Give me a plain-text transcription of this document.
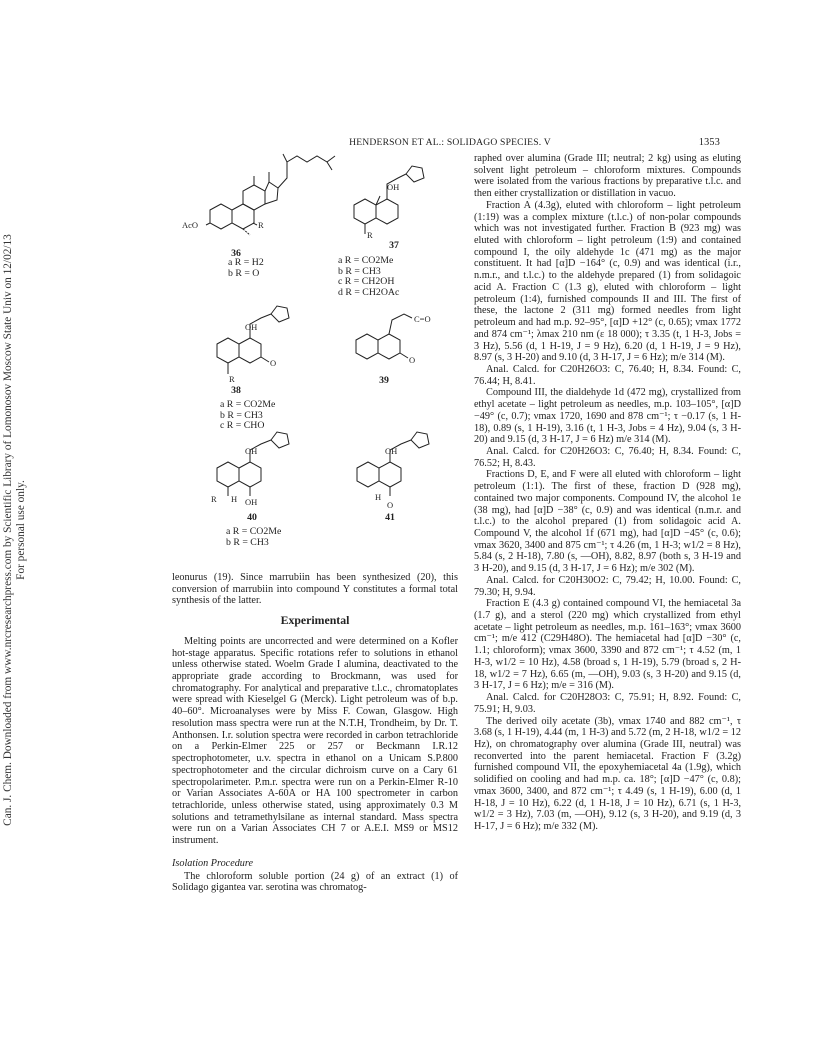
Can. J. Chem. Downloaded from www.nrcresearchpress.com by Scientific Library of Lomonosov Moscow State Univ on 12/02/13 For personal use only.
HENDERSON ET AL.: SOLIDAGO SPECIES. V	1353
AcO	R
36
a R = H2
b R = O
OH
R
37
a R = CO2Me
b R = CH3
c R = CH2OH
d R = CH2OAc
OH
O
R
38
a R = CO2Me
b R = CH3
c R = CHO
C=O
O
39
OH
R H OH
40
a R = CO2Me
b R = CH3
OH
H
O
41

leonurus (19). Since marrubiin has been synthesized (20), this conversion of marrubiin into compound Y constitutes a formal total synthesis of the latter.

Experimental

Melting points are uncorrected and were determined on a Kofler hot-stage apparatus. Specific rotations refer to solutions in ethanol unless otherwise stated. Woelm Grade I alumina, deactivated to the appropriate grade according to Brockmann, was used for chromatography. For analytical and preparative t.l.c., chromatoplates were spread with Kieselgel G (Merck). Light petroleum was of b.p. 40–60°. Microanalyses were by Miss F. Cowan, Glasgow. High resolution mass spectra were run at the N.T.H, Trondheim, by Dr. T. Anthonsen. I.r. solution spectra were recorded in carbon tetrachloride on a Perkin-Elmer 225 or 257 or Beckmann I.R.12 spectrophotometer, u.v. spectra in ethanol on a Unicam S.P.800 spectrophotometer and the circular dichroism curve on a Cary 61 spectropolarimeter. P.m.r. spectra were run on a Perkin-Elmer R-10 or Varian Associates A-60A or HA 100 spectrometer in carbon tetrachloride, unless otherwise stated, using approximately 0.3 M solutions and tetramethylsilane as internal standard. Mass spectra were run on a Varian Associates CH 7 or A.E.I. MS9 or MS12 instrument.

Isolation Procedure

The chloroform soluble portion (24 g) of an extract (1) of Solidago gigantea var. serotina was chromatog-

raphed over alumina (Grade III; neutral; 2 kg) using as eluting solvent light petroleum – chloroform mixtures. Compounds were isolated from the various fractions by preparative t.l.c. and then either crystallization or distillation in vacuo.

Fraction A (4.3g), eluted with chloroform – light petroleum (1:19) was a complex mixture (t.l.c.) of non-polar compounds which was not investigated further. Fraction B (923 mg) was eluted with chloroform – light petroleum (1:9) and contained compound I, the oily aldehyde 1c (471 mg) as the major constituent. It had [α]D −164° (c, 0.9) and was identical (i.r., n.m.r., and t.l.c.) to the aldehyde prepared (1) from solidagoic acid A. Fraction C (1.3 g), eluted with chloroform – light petroleum (1:4), furnished compounds II and III. The first of these, the lactone 2 (311 mg) formed needles from light petroleum and had m.p. 92–95°, [α]D +12° (c, 0.65); νmax 1772 and 874 cm⁻¹; λmax 210 nm (ε 18 000); τ 3.35 (t, 1 H-3, Jobs = 3 Hz), 5.56 (d, 1 H-19, J = 9 Hz), 6.20 (d, 1 H-19, J = 9 Hz), 8.97 (s, 3 H-20) and 9.10 (d, 3 H-17, J = 6 Hz); m/e 314 (M).

Anal. Calcd. for C20H26O3: C, 76.40; H, 8.34. Found: C, 76.44; H, 8.41.

Compound III, the dialdehyde 1d (472 mg), crystallized from ethyl acetate – light petroleum as needles, m.p. 103–105°, [α]D −49° (c, 0.7); νmax 1720, 1690 and 878 cm⁻¹; τ −0.17 (s, 1 H-18), 0.89 (s, 1 H-19), 3.16 (t, 1 H-3, Jobs = 4 Hz), 9.04 (s, 3 H-20) and 9.15 (d, 3 H-17, J = 6 Hz) m/e 314 (M).

Anal. Calcd. for C20H26O3: C, 76.40; H, 8.34. Found: C, 76.52; H, 8.43.

Fractions D, E, and F were all eluted with chloroform – light petroleum (1:1). The first of these, fraction D (928 mg), contained two major components. Compound IV, the alcohol 1e (38 mg), had [α]D −38° (c, 0.9) and was identical (n.m.r. and t.l.c.) to the alcohol prepared (1) from solidagoic acid A. Compound V, the alcohol 1f (671 mg), had [α]D −45° (c, 0.6); νmax 3620, 3400 and 875 cm⁻¹; τ 4.26 (m, 1 H-3; w1/2 = 8 Hz), 5.84 (s, 2 H-18), 7.80 (s, —OH), 8.82, 8.97 (both s, 3 H-19 and 3 H-20), and 9.15 (d, 3 H-17, J = 6 Hz); m/e 302 (M).

Anal. Calcd. for C20H30O2: C, 79.42; H, 10.00. Found: C, 79.30; H, 9.94.

Fraction E (4.3 g) contained compound VI, the hemiacetal 3a (1.7 g), and a sterol (220 mg) which crystallized from ethyl acetate – light petroleum as needles, m.p. 161–163°; νmax 3600 cm⁻¹; m/e 412 (C29H48O). The hemiacetal had [α]D −30° (c, 1.1; chloroform); νmax 3600, 3390 and 872 cm⁻¹; τ 4.52 (m, 1 H-3, w1/2 = 10 Hz), 4.58 (broad s, 1 H-19), 5.79 (broad s, 2 H-18, w1/2 = 7 Hz), 6.65 (m, —OH), 9.03 (s, 3 H-20) and 9.15 (d, 3 H-17, J = 6 Hz); m/e = 316 (M).

Anal. Calcd. for C20H28O3: C, 75.91; H, 8.92. Found: C, 75.91; H, 9.03.

The derived oily acetate (3b), νmax 1740 and 882 cm⁻¹, τ 3.68 (s, 1 H-19), 4.44 (m, 1 H-3) and 5.72 (m, 2 H-18, w1/2 = 12 Hz), on chromatography over alumina (Grade III, neutral) was reconverted into the parent hemiacetal. Fraction F (3.2g) furnished compound VII, the epoxyhemiacetal 4a (1.9g), which solidified on cooling and had m.p. ca. 18°; [α]D −47° (c, 0.8); νmax 3600, 3400, and 872 cm⁻¹; τ 4.49 (s, 1 H-19), 6.00 (d, 1 H-18, J = 10 Hz), 6.22 (d, 1 H-18, J = 10 Hz), 6.71 (s, 1 H-3, w1/2 = 3 Hz), 7.03 (m, —OH), 9.12 (s, 3 H-20), and 9.19 (d, 3 H-17, J = 6 Hz); m/e 332 (M).
